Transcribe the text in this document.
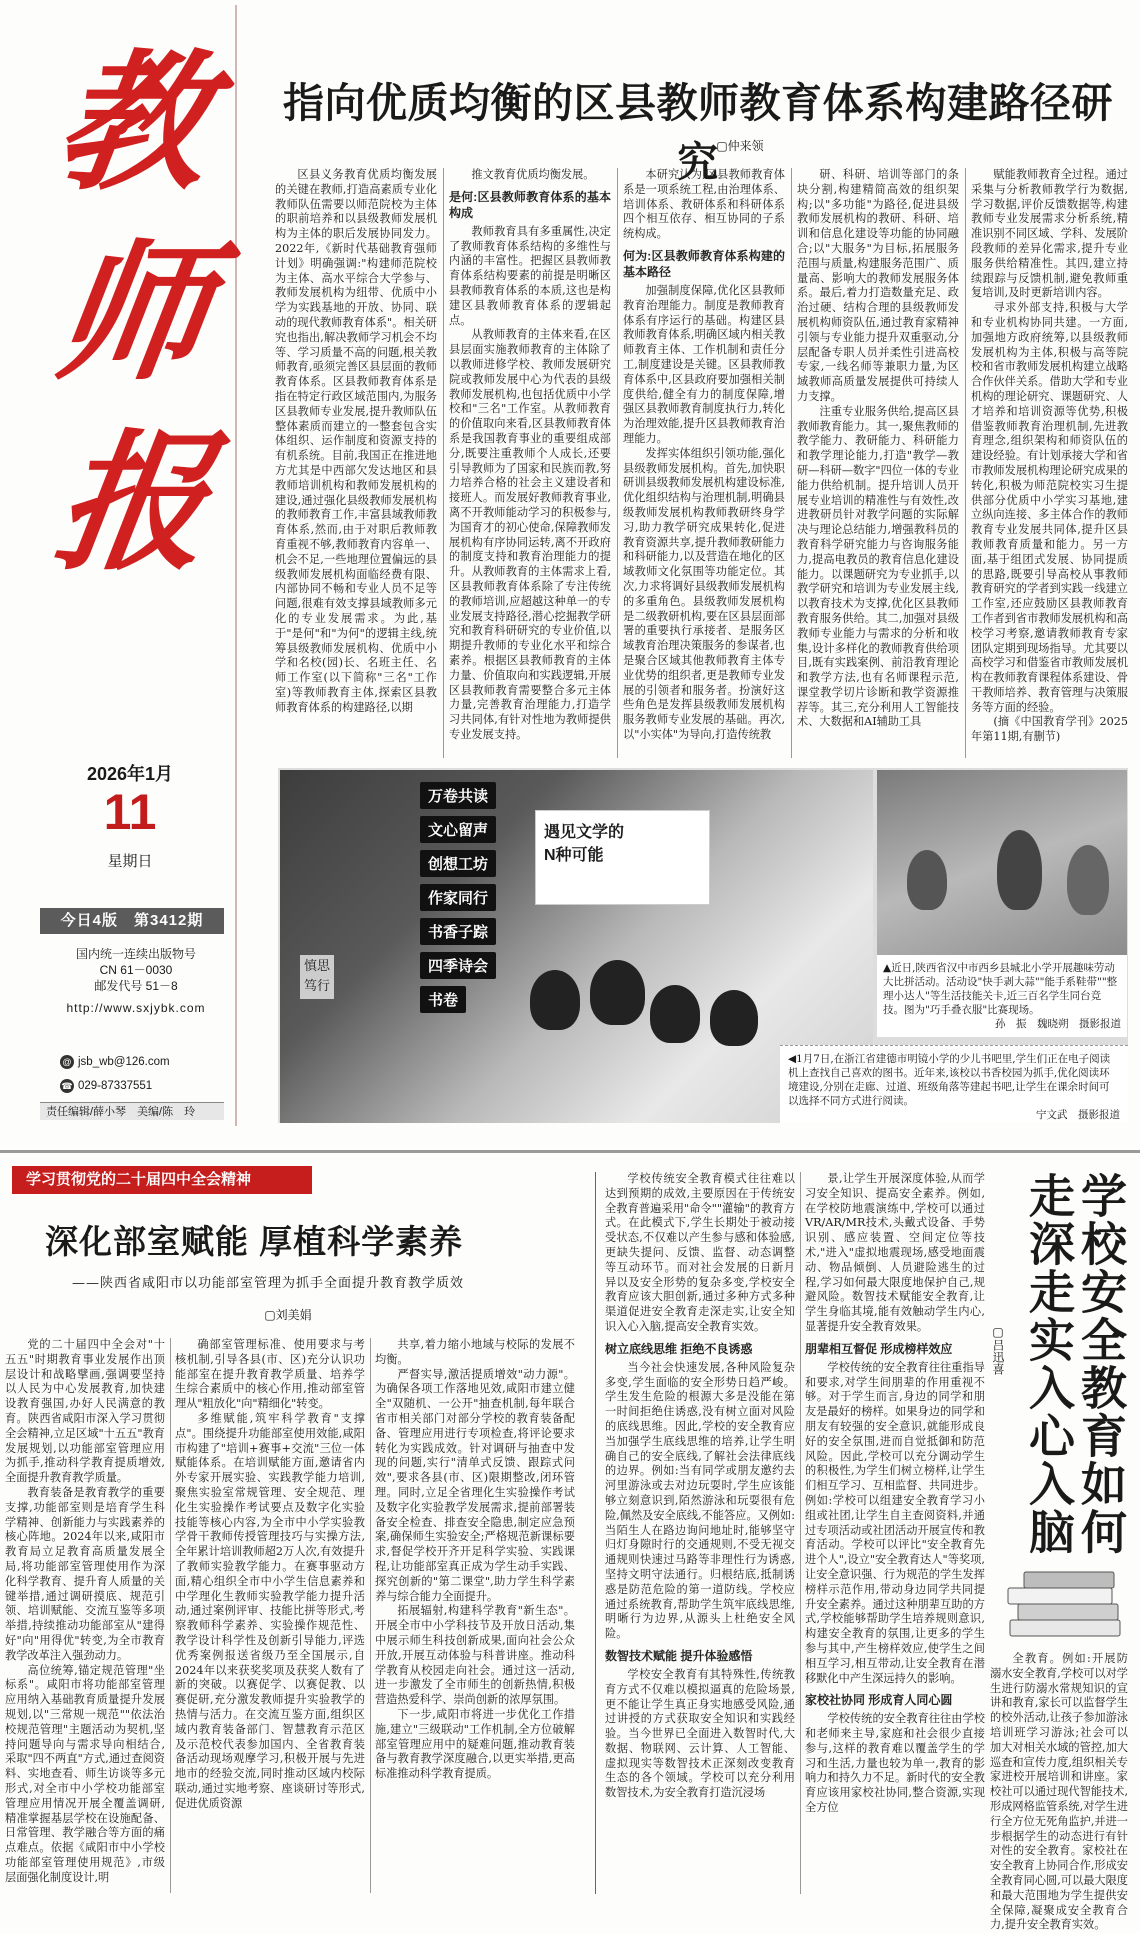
教
师
报
2026年1月
11
星期日
今日4版　第3412期
国内统一连续出版物号
CN 61－0030
邮发代号 51－8
http://www.sxjybk.com
@ jsb_wb@126.com
☎ 029-87337551
责任编辑/薛小琴　美编/陈　玲
指向优质均衡的区县教师教育体系构建路径研究
▢仲来领

区县义务教育优质均衡发展的关键在教师,打造高素质专业化教师队伍需要以师范院校为主体的职前培养和以县级教师发展机构为主体的职后发展协同发力。2022年,《新时代基础教育强师计划》明确强调:"构建师范院校为主体、高水平综合大学参与、教师发展机构为纽带、优质中小学为实践基地的开放、协同、联动的现代教师教育体系"。相关研究也指出,解决教师学习机会不均等、学习质量不高的问题,根关教师教育,亟须完善区县层面的教师教育体系。区县教师教育体系是指在特定行政区域范围内,为服务区县教师专业发展,提升教师队伍整体素质而建立的一整套包含实体组织、运作制度和资源支持的有机系统。目前,我国正在推进地方尤其是中西部欠发达地区和县教师培训机构和教师发展机构的建设,通过强化县级教师发展机构的教师教育工作,丰富县域教师教育体系,然而,由于对职后教师教育重视不够,教师教育内容单一、机会不足,一些地理位置偏远的县级教师发展机构面临经费有限、内部协同不畅和专业人员不足等问题,很难有效支撑县域教师多元化的专业发展需求。为此,基于"是何"和"为何"的逻辑主线,统筹县级教师发展机构、优质中小学和名校(园)长、名班主任、名师工作室(以下简称"三名"工作室)等教师教育主体,探索区县教师教育体系的构建路径,以期

推文教育优质均衡发展。

是何:区县教师教育体系的基本构成

教师教育具有多重属性,决定了教师教育体系结构的多维性与内涵的丰富性。把握区县教师教育体系结构要素的前提是明晰区县教师教育体系的本质,这也是构建区县教师教育体系的逻辑起点。

从教师教育的主体来看,在区县层面实施教师教育的主体除了以教师进修学校、教师发展研究院或教师发展中心为代表的县级教师发展机构,也包括优质中小学校和"三名"工作室。从教师教育的价值取向来看,区县教师教育体系是我国教育事业的重要组成部分,既要注重教师个人成长,还要引导教师为了国家和民族而教,努力培养合格的社会主义建设者和接班人。而发展好教师教育事业,离不开教师能动学习的积极参与,为国育才的初心使命,保障教师发展机构有序协同运转,离不开政府的制度支持和教育治理能力的提升。从教师教育的主体需求上看,区县教师教育体系除了专注传统的教师培训,应超越这种单一的专业发展支持路径,潜心挖掘教学研究和教育科研研究的专业价值,以期提升教师的专业化水平和综合素养。根据区县教师教育的主体力量、价值取向和实践逻辑,开展区县教师教育需要整合多元主体力量,完善教育治理能力,打造学习共同体,有针对性地为教师提供专业发展支持。

本研究认为,区县教师教育体系是一项系统工程,由治理体系、培训体系、教研体系和科研体系四个相互依存、相互协同的子系统构成。

何为:区县教师教育体系构建的基本路径

加强制度保障,优化区县教师教育治理能力。制度是教师教育体系有序运行的基础。构建区县教师教育体系,明确区域内相关教师教育主体、工作机制和责任分工,制度建设是关键。区县教师教育体系中,区县政府要加强相关制度供给,健全有力的制度保障,增强区县教师教育制度执行力,转化为治理效能,提升区县教师教育治理能力。

发挥实体组织引领功能,强化县级教师发展机构。首先,加快职研训县级教师发展机构建设标准,优化组织结构与治理机制,明确县级教师发展机构教师教研终身学习,助力教学研究成果转化,促进教育资源共享,提升教师教研能力和科研能力,以及营造在地化的区域教师文化氛围等功能定位。其次,力求将调好县级教师发展机构的多重角色。县级教师发展机构是二级教研机构,要在区县层面部署的重要执行承接者、是服务区域教育治理决策服务的参谋者,也是聚合区域其他教师教育主体专业优势的组织者,更是教师专业发展的引领者和服务者。扮演好这些角色是发挥县级教师发展机构服务教师专业发展的基础。再次,以"小实体"为导向,打造传统教

研、科研、培训等部门的条块分割,构建精简高效的组织架构;以"多功能"为路径,促进县级教师发展机构的教研、科研、培训和信息化建设等功能的协同融合;以"大服务"为目标,拓展服务范围与质量,构建服务范围广、质量高、影响大的教师发展服务体系。最后,着力打造数量充足、政治过硬、结构合理的县级教师发展机构师资队伍,通过教育家精神引领与专业能力提升双重驱动,分层配备专职人员并柔性引进高校专家,一线名师等兼职力量,为区域教师高质量发展提供可持续人力支撑。

注重专业服务供给,提高区县教师教育能力。其一,聚焦教师的教学能力、教研能力、科研能力和教学理论能力,打造"教学—教研—科研—数字"四位一体的专业能力供给机制。提升培训人员开展专业培训的精准性与有效性,改进教研员针对教学问题的实际解决与理论总结能力,增强教科员的教育科学研究能力与咨询服务能力,提高电教员的教育信息化建设能力。以课题研究为专业抓手,以教学研究和培训为专业发展主线,以教育技术为支撑,优化区县教师教育服务供给。其二,加强对县级教师专业能力与需求的分析和收集,设计多样化的教师教育供给项目,既有实践案例、前沿教育理论和教学方法,也有名师课程示范,课堂教学切片诊断和教学资源推荐等。其三,充分利用人工智能技术、大数据和AI辅助工具

赋能教师教育全过程。通过采集与分析教师教学行为数据,学习数据,评价反馈数据等,构建教师专业发展需求分析系统,精准识别不同区域、学科、发展阶段教师的差异化需求,提升专业服务供给精准性。其四,建立持续跟踪与反馈机制,避免教师重复培训,及时更新培训内容。

寻求外部支持,积极与大学和专业机构协同共建。一方面,加强地方政府统筹,以县级教师发展机构为主体,积极与高等院校和省市教师发展机构建立战略合作伙伴关系。借助大学和专业机构的理论研究、课题研究、人才培养和培训资源等优势,积极借鉴教师教育治理机制,先进教育理念,组织架构和师资队伍的建设经验。有计划承接大学和省市教师发展机构理论研究成果的转化,积极为师范院校实习生提供部分优质中小学实习基地,建立纵向连接、多主体合作的教师教育专业发展共同体,提升区县教师教育质量和能力。另一方面,基于组团式发展、协同提质的思路,既要引导高校从事教师教育研究的学者到实践一线建立工作室,还应鼓励区县教师教育工作者到省市教师发展机构和高校学习考察,邀请教师教育专家团队定期到现场指导。尤其要以高校学习和借鉴省市教师发展机构在教师教育课程体系建设、骨干教师培养、教育管理与决策服务等方面的经验。

(摘《中国教育学刊》2025年第11期,有删节)

万卷共读
文心留声
创想工坊
作家同行
书香子踪
四季诗会
书卷
遇见文学的
N种可能
慎思
笃行
▲近日,陕西省汉中市西乡县城北小学开展趣味劳动大比拼活动。活动设"快手剥大蒜""能手系鞋带""整理小达人"等生活技能关卡,近三百名学生同台竞技。图为"巧手叠衣服"比赛现场。
孙　振　魏晓朔　摄影报道
◀1月7日,在浙江省建德市明镜小学的少儿书吧里,学生们正在电子阅读机上查找自己喜欢的图书。近年来,该校以书香校园为抓手,优化阅读环境建设,分别在走廊、过道、班级角落等建起书吧,让学生在课余时间可以选择不同方式进行阅读。
宁文武　摄影报道
学习贯彻党的二十届四中全会精神
深化部室赋能 厚植科学素养
——陕西省咸阳市以功能部室管理为抓手全面提升教育教学质效
▢刘美娟

党的二十届四中全会对"十五五"时期教育事业发展作出顶层设计和战略擘画,强调要坚持以人民为中心发展教育,加快建设教育强国,办好人民满意的教育。陕西省咸阳市深入学习贯彻全会精神,立足区域"十五五"教育发展规划,以功能部室管理应用为抓手,推动科学教育提质增效,全面提升教育教学质量。

教育装备是教育教学的重要支撑,功能部室则是培育学生科学精神、创新能力与实践素养的核心阵地。2024年以来,咸阳市教育局立足教育高质量发展全局,将功能部室管理使用作为深化科学教育、提升育人质量的关键举措,通过调研摸底、规范引领、培训赋能、交流互鉴等多项举措,持续推动功能部室从"建得好"向"用得优"转变,为全市教育教学改革注入强劲动力。

高位统筹,锚定规范管理"坐标系"。咸阳市将功能部室管理应用纳入基础教育质量提升发展规划,以"三常规一规范""依法治校规范管理"主题活动为契机,坚持问题导向与需求导向相结合,采取"四不两直"方式,通过查阅资料、实地查看、师生访谈等多元形式,对全市中小学校功能部室管理应用情况开展全覆盖调研,精准掌握基层学校在设施配备、日常管理、教学融合等方面的痛点难点。依据《咸阳市中小学校功能部室管理使用规范》,市级层面强化制度设计,明

确部室管理标准、使用要求与考核机制,引导各县(市、区)充分认识功能部室在提升教育教学质量、培养学生综合素质中的核心作用,推动部室管理从"粗放化"向"精细化"转变。

多维赋能,筑牢科学教育"支撑点"。围绕提升功能部室使用效能,咸阳市构建了"培训+赛事+交流"三位一体赋能体系。在培训赋能方面,邀请省内外专家开展实验、实践教学能力培训,聚焦实验室常规管理、安全规范、理化生实验操作考试要点及数字化实验技能等核心内容,为全市中小学实验教学骨干教师传授管理技巧与实操方法,全年累计培训教师超2万人次,有效提升了教师实验教学能力。在赛事驱动方面,精心组织全市中小学生信息素养和中学理化生教师实验教学能力提升活动,通过案例评审、技能比拼等形式,考察教师科学素养、实验操作规范性、教学设计科学性及创新引导能力,评选优秀案例报送省级乃至全国展示,自2024年以来获奖奖项及获奖人数有了新的突破。以赛促学、以赛促教、以赛促研,充分激发教师提升实验教学的热情与活力。在交流互鉴方面,组织区域内教育装备部门、智慧教育示范区及示范校代表参加国内、全省教育装备活动现场观摩学习,积极开展与先进地市的经验交流,同时推动区域内校际联动,通过实地考察、座谈研讨等形式,促进优质资源

共享,着力缩小地域与校际的发展不均衡。

严督实导,激活提质增效"动力源"。为确保各项工作落地见效,咸阳市建立健全"双随机、一公开"抽查机制,每年联合省市相关部门对部分学校的教育装备配备、管理应用进行专项检查,将评论要求转化为实践成效。针对调研与抽查中发现的问题,实行"清单式反馈、跟踪式问效",要求各县(市、区)限期整改,闭环管理。同时,立足全省理化生实验操作考试及数字化实验教学发展需求,提前部署装备安全检查、排查安全隐患,制定应急预案,确保师生实验安全;严格规范新课标要求,督促学校开齐开足科学实验、实践课程,让功能部室真正成为学生动手实践、探究创新的"第二课堂",助力学生科学素养与综合能力全面提升。

拓展辐射,构建科学教育"新生态"。开展全市中小学科技节及开放日活动,集中展示师生科技创新成果,面向社会公众开放,开展互动体验与科普讲座。推动科学教育从校园走向社会。通过这一活动,进一步激发了全市师生的创新热情,积极营造热爱科学、崇尚创新的浓厚氛围。

下一步,咸阳市将进一步优化工作措施,建立"三级联动"工作机制,全方位破解部室管理应用中的疑难问题,推动教育装备与教育教学深度融合,以更实举措,更高标准推动科学教育提质。

学校安全教育如何走深走实入心入脑
▢吕迅喜

学校传统安全教育模式往往难以达到预期的成效,主要原因在于传统安全教育普遍采用"命令""灌输"的教育方式。在此模式下,学生长期处于被动接受状态,不仅难以产生参与感和体验感,更缺失提问、反馈、监督、动态调整等互动环节。而对社会发展的日新月异以及安全形势的复杂多变,学校安全教育应该大胆创新,通过多种方式多种渠道促进安全教育走深走实,让安全知识入心入脑,提高安全教育实效。

树立底线思维 拒绝不良诱惑

当今社会快速发展,各种风险复杂多变,学生面临的安全形势日趋严峻。学生发生危险的根源大多是没能在第一时间拒绝住诱惑,没有树立面对风险的底线思维。因此,学校的安全教育应当加强学生底线思维的培养,让学生明确自己的安全底线,了解社会法律底线的边界。例如:当有同学或朋友邀约去河里游泳或去对边玩耍时,学生应该能够立刻意识到,陌然游泳和玩耍很有危险,佩然及安全底线,不能答应。又例如:当陌生人在路边询问地址时,能够坚守归灯身隙时行的交通规则,不受无视交通规则快速过马路等非理性行为诱惑,坚持文明守法通行。归根结底,抵制诱惑是防范危险的第一道防线。学校应通过系统教育,帮助学生筑牢底线思维,明晰行为边界,从源头上杜绝安全风险。

数智技术赋能 提升体验感悟

学校安全教育有其特殊性,传统教育方式不仅难以模拟逼真的危险场景,更不能让学生真正身实地感受风险,通过讲授的方式获取安全知识和实践经验。当今世界已全面进入数智时代,大数据、物联网、云计算、人工智能、虚拟现实等数智技术正深刻改变教育生态的各个领域。学校可以充分利用数智技术,为安全教育打造沉浸场

景,让学生开展深度体验,从而学习安全知识、提高安全素养。例如,在学校防地震演练中,学校可以通过VR/AR/MR技术,头戴式设备、手势识别、感应装置、空间定位等技术,"进入"虚拟地震现场,感受地面震动、物品倾倒、人员避险逃生的过程,学习如何最大限度地保护自己,规避风险。数智技术赋能安全教育,让学生身临其境,能有效触动学生内心,显著提升安全教育效果。

朋辈相互督促 形成榜样效应

学校传统的安全教育往往重指导和要求,对学生间朋辈的作用重视不够。对于学生而言,身边的同学和朋友是最好的榜样。如果身边的同学和朋友有较强的安全意识,就能形成良好的安全氛围,进而自觉抵御和防范风险。因此,学校可以充分调动学生的积极性,为学生们树立榜样,让学生们相互学习、互相监督、共同进步。例如:学校可以组建安全教育学习小组或社团,让学生自主查阅资料,并通过专项活动或社团活动开展宣传和教育活动。学校可以评比"安全教育先进个人",设立"安全教育达人"等奖项,让安全意识强、行为规范的学生发挥榜样示范作用,带动身边同学共同提升安全素养。通过这种朋辈互助的方式,学校能够帮助学生培养规则意识,构建安全教育的氛围,让更多的学生参与其中,产生榜样效应,使学生之间相互学习,相互带动,让安全教育在潜移默化中产生深远持久的影响。

家校社协同 形成育人同心圆

学校传统的安全教育往往由学校和老师来主导,家庭和社会很少直接参与,这样的教育难以覆盖学生的学习和生活,力量也较为单一,教育的影响力和持久力不足。新时代的安全教育应该用家校社协同,整合资源,实现全方位

全教育。例如:开展防溺水安全教育,学校可以对学生进行防溺水常规知识的宣讲和教育,家长可以监督学生的校外活动,让孩子参加游泳培训班学习游泳;社会可以加大对相关水域的管控,加大巡查和宣传力度,组织相关专家进校开展培训和讲座。家校社可以通过现代智能技术,形成网格监管系统,对学生进行全方位无死角监护,并进一步根据学生的动态进行有针对性的安全教育。家校社在安全教育上协同合作,形成安全教育同心圆,可以最大限度和最大范围地为学生提供安全保障,凝聚成安全教育合力,提升安全教育实效。
